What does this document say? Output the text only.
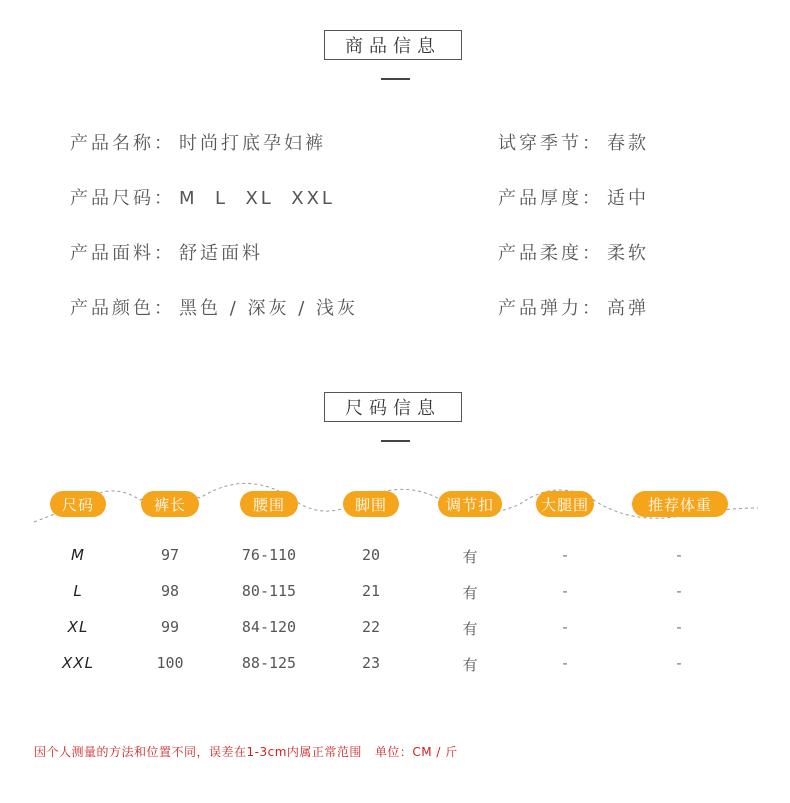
商品信息
产品名称： 时尚打底孕妇裤
产品尺码： M  L  XL  XXL
产品面料： 舒适面料
产品颜色： 黑色 / 深灰 / 浅灰
试穿季节： 春款
产品厚度： 适中
产品柔度： 柔软
产品弹力： 高弹
尺码信息
尺码	裤长	腰围	脚围	调节扣	大腿围	推荐体重
M	97	76-110	20	有	-	-
L	98	80-115	21	有	-	-
XL	99	84-120	22	有	-	-
XXL	100	88-125	23	有	-	-
因个人测量的方法和位置不同，误差在1-3cm内属正常范围   单位：CM / 斤
